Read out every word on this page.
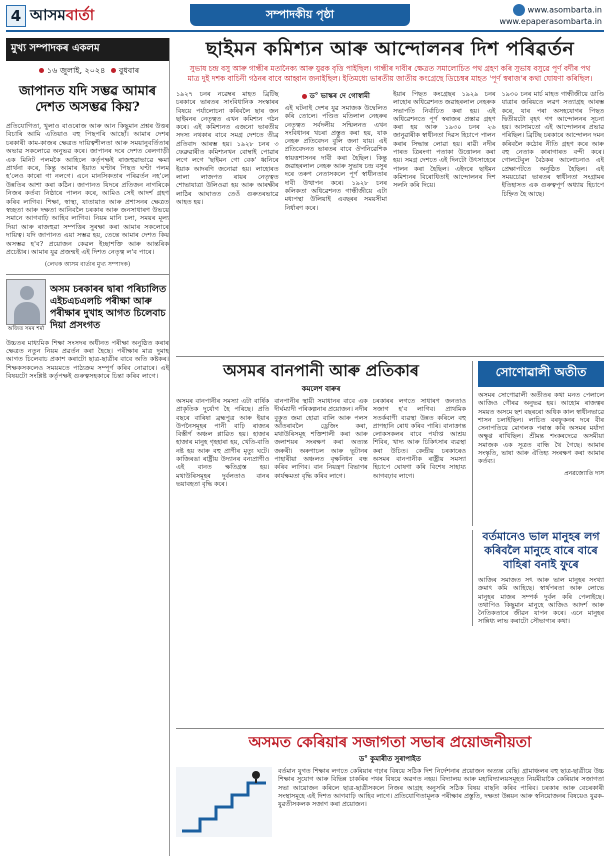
4 আসমবাৰ্তা	সম্পাদকীয় পৃষ্ঠা	www.asombarta.in
www.epaperasombarta.in
মুখ্য সম্পাদকৰ একলম
১৬ জুলাই, ২০২৪ বুধবাৰ
জাপানত যদি সম্ভৱ আমাৰ দেশত অসম্ভৱ কিয়?
প্ৰতিযোগিতা, খুলাও বাওৰোজ আৰু আন কিছুমান প্ৰশ্নৰ উত্তৰ বিচাৰি আমি এতিয়াও বহু পিছপৰি আছোঁ। আমাৰ দেশৰ চৰকাৰী কাম-কাজৰ ক্ষেত্ৰত দায়িত্বশীলতা আৰু সময়ানুবৰ্তিতাৰ অভাৱ সকলোৱে অনুভৱ কৰে। জাপানৰ দৰে দেশত ৰেলগাড়ী এক মিনিট পলমকৈ আহিলে কৰ্তৃপক্ষই ৰাজহুৱাভাৱে ক্ষমা প্ৰাৰ্থনা কৰে, কিন্তু আমাৰ ইয়াত ঘণ্টাৰ পিছত ঘণ্টা পলম হ'লেও কাৰো গা নলগে। এনে মানসিকতাৰ পৰিৱৰ্তন নহ'লে উন্নতিৰ আশা কৰা কঠিন। জাপানত যিদৰে প্ৰতিজন নাগৰিকে নিজৰ কৰ্তব্য নিষ্ঠাৰে পালন কৰে, আমিও সেই আদৰ্শ গ্ৰহণ কৰিব লাগিব। শিক্ষা, স্বাস্থ্য, যাতায়াত আৰু প্ৰশাসনৰ ক্ষেত্ৰত স্বচ্ছতা আৰু দক্ষতা আনিবলৈ চৰকাৰ আৰু জনসাধাৰণ উভয়ে সমানে আগবাঢ়ি আহিব লাগিব। নিয়ম মানি চলা, সময়ৰ মূল্য দিয়া আৰু ৰাজহুৱা সম্পত্তিৰ সুৰক্ষা কৰা আমাৰ সকলোৰে দায়িত্ব। যদি জাপানত এয়া সম্ভৱ হয়, তেন্তে আমাৰ দেশত কিয় অসম্ভৱ হ'ব? প্ৰয়োজন কেৱল ইচ্ছাশক্তি আৰু আন্তৰিক প্ৰচেষ্টাৰ। আমাৰ যুৱ প্ৰজন্মই এই দিশত নেতৃত্ব ল'ব পাৰে।
(লেখক আসম বাৰ্তাৰ মুখ্য সম্পাদক)
অজিত সমৰ শৰ্মা
অসম চৰকাৰৰ দ্বাৰা পৰিচালিত এইচএচএলচি পৰীক্ষা আৰু পৰীক্ষাৰ দুখাহ আগত চিলেবাচ দিয়া প্ৰসংগত
উচ্চতৰ মাধ্যমিক শিক্ষা সংসদৰ অধীনত পৰীক্ষা অনুষ্ঠিত কৰাৰ ক্ষেত্ৰত নতুন নিয়ম প্ৰৱৰ্তন কৰা হৈছে। পৰীক্ষাৰ মাত্ৰ দুমাহ আগত চিলেবাচ প্ৰকাশ কৰাটো ছাত্ৰ-ছাত্ৰীৰ বাবে অতি কষ্টকৰ। শিক্ষকসকলেও সময়মতে পাঠ্যক্ৰম সম্পূৰ্ণ কৰিব নোৱাৰে। এই বিষয়টো সংশ্লিষ্ট কৰ্তৃপক্ষই গুৰুত্বসহকাৰে চিন্তা কৰিব লাগে।
ছাইমন কমিশ্যন আৰু আন্দোলনৰ দিশ পৰিৱৰ্তন
সুভাষ চন্দ্ৰ বসু আৰু গান্ধীৰ মতানৈক্য আৰু যুৱক বৃত্তি পাইছিল। গান্ধীৰ দাবীৰ ক্ষেত্ৰত সমালোচিত পথ গ্ৰহণ কৰি সুভাষ বসুৱে পূৰ্ণ বৰ্দীৰ পথ মাত্ৰ দুই দশক বাচিনী গঠনৰ বাবে আহ্বান জনাইছিল। ইতিমধ্যে ভাৰতীয় জাতীয় কংগ্ৰেছে ডিচেম্বৰ মাহত 'পূৰ্ণ স্বৰাজ'ৰ কথা ঘোষণা কৰিছিল।
১৯২৭ চনৰ নৱেম্বৰ মাহত ব্ৰিটিছ চৰকাৰে ভাৰতৰ সাংবিধানিক সংস্কাৰৰ বিষয়ে পৰ্যালোচনা কৰিবলৈ ছাৰ জন ছাইমনৰ নেতৃত্বত এখন কমিশ্যন গঠন কৰে। এই কমিশ্যনত এজনো ভাৰতীয় সদস্য নথকাৰ বাবে সমগ্ৰ দেশতে তীব্ৰ প্ৰতিবাদ আৰম্ভ হয়। ১৯২৮ চনৰ ৩ ফেব্ৰুৱাৰীত কমিশ্যনখন বোম্বাই পোৱাৰ লগে লগে 'ছাইমন গো বেক' ধ্বনিৰে ইয়াক আদৰণি জনোৱা হয়। লাহোৰত লালা লাজপত ৰায়ৰ নেতৃত্বত শোভাযাত্ৰা উলিওৱা হয় আৰু আৰক্ষীৰ লাঠিৰ আঘাতত তেওঁ গুৰুতৰভাৱে আহত হয়।
ড° ভাস্কৰ দে গোস্বামী
এই ঘটনাই দেশৰ যুৱ সমাজক উদ্বেলিত কৰি তোলে। পণ্ডিত মতিলাল নেহৰুৰ নেতৃত্বত সৰ্বদলীয় সন্মিলনত এখন সংবিধানৰ খচৰা প্ৰস্তুত কৰা হয়, যাক নেহৰু প্ৰতিবেদন বুলি জনা যায়। এই প্ৰতিবেদনত ভাৰতৰ বাবে ঔপনিৱেশিক স্বায়ত্তশাসনৰ দাবী কৰা হৈছিল। কিন্তু জৱাহৰলাল নেহৰু আৰু সুভাষ চন্দ্ৰ বসুৰ দৰে তৰুণ নেতাসকলে পূৰ্ণ স্বাধীনতাৰ দাবী উত্থাপন কৰে। ১৯২৮ চনৰ কলিকতা অধিৱেশনত গান্ধীজীয়ে এটা মধ্যপন্থা উলিয়াই এবছৰৰ সময়সীমা নিৰ্ধাৰণ কৰে।
ইয়াৰ পিছত কংগ্ৰেছৰ ১৯২৯ চনৰ লাহোৰ অধিৱেশনত জৱাহৰলাল নেহৰুক সভাপতি নিৰ্বাচিত কৰা হয়। এই অধিৱেশনতে পূৰ্ণ স্বৰাজৰ প্ৰস্তাৱ গ্ৰহণ কৰা হয় আৰু ১৯৩০ চনৰ ২৬ জানুৱাৰীক স্বাধীনতা দিৱস হিচাপে পালন কৰাৰ সিদ্ধান্ত লোৱা হয়। ৰাৱী নদীৰ পাৰত ত্ৰিৰংগা পতাকা উত্তোলন কৰা হয়। সমগ্ৰ দেশতে এই দিনটো উৎসাহেৰে পালন কৰা হৈছিল। এইদৰে ছাইমন কমিশ্যনৰ বিৰোধিতাই আন্দোলনৰ দিশ সলনি কৰি দিয়ে।
১৯৩০ চনৰ মাৰ্চ মাহত গান্ধীজীয়ে ডাণ্ডি যাত্ৰাৰ জৰিয়তে লৱণ সত্যাগ্ৰহ আৰম্ভ কৰে, যাৰ পৰা অসহযোগৰ পিছত দ্বিতীয়টো বৃহৎ গণ আন্দোলনৰ সূচনা হয়। আসামতো এই আন্দোলনৰ প্ৰভাৱ পৰিছিল। ব্ৰিটিছ চৰকাৰে আন্দোলন দমন কৰিবলৈ কঠোৰ নীতি গ্ৰহণ কৰে আৰু বহু নেতাক কাৰাগাৰত বন্দী কৰে। গোলটেবুল বৈঠকৰ আলোচনাও এই প্ৰেক্ষাপটতে অনুষ্ঠিত হৈছিল। এই সময়চোৱা ভাৰতৰ স্বাধীনতা সংগ্ৰামৰ ইতিহাসত এক গুৰুত্বপূৰ্ণ অধ্যায় হিচাপে চিহ্নিত হৈ আছে।
অসমৰ বানপানী আৰু প্ৰতিকাৰ
কমলেশ বাৰুৰ
অসমৰ বানপানীৰ সমস্যা এটা বাৰ্ষিক প্ৰাকৃতিক দুৰ্যোগ হৈ পৰিছে। প্ৰতি বছৰে বাৰিষা ব্ৰহ্মপুত্ৰ আৰু ইয়াৰ উপনৈসমূহৰ পানী বাঢ়ি ৰাজ্যৰ বিস্তীৰ্ণ অঞ্চল প্লাৱিত হয়। হাজাৰ হাজাৰ মানুহ গৃহহাৰা হয়, খেতি-বাতি নষ্ট হয় আৰু বহু প্ৰাণীৰ মৃত্যু ঘটে। কাজিৰঙা ৰাষ্ট্ৰীয় উদ্যানৰ বন্যপ্ৰাণীও এই বানত ক্ষতিগ্ৰস্ত হয়। মথাউৰিসমূহৰ দুৰ্বলতাও বানৰ ভয়াবহতা বৃদ্ধি কৰে।
বানপানীৰ স্থায়ী সমাধানৰ বাবে এক দীৰ্ঘম্যাদী পৰিকল্পনাৰ প্ৰয়োজন। নদীৰ বুকুত জমা হোৱা বালি আৰু পলস আঁতৰাবলৈ ড্ৰেজিং কৰা, মথাউৰিসমূহ শক্তিশালী কৰা আৰু জলাশয়ৰ সংৰক্ষণ কৰা অত্যন্ত জৰুৰী। অৰুণাচল আৰু ভূটানৰ পাহাৰীয়া অঞ্চলত বৃক্ষনিধন বন্ধ কৰিব লাগিব। বান নিয়ন্ত্ৰণ বিভাগৰ কাৰ্যক্ষমতা বৃদ্ধি কৰিব লাগে।
চৰকাৰৰ লগতে সাধাৰণ জনতাও সজাগ হ'ব লাগিব। প্ৰাথমিক সতৰ্কবাণী ব্যৱস্থা উন্নত কৰিলে বহু প্ৰাণহানি ৰোধ কৰিব পাৰি। বানাক্ৰান্ত লোকসকলৰ বাবে পৰ্যাপ্ত আশ্ৰয় শিবিৰ, খাদ্য আৰু চিকিৎসাৰ ব্যৱস্থা কৰা উচিত। কেন্দ্ৰীয় চৰকাৰেও অসমৰ বানপানীক ৰাষ্ট্ৰীয় সমস্যা হিচাপে ঘোষণা কৰি বিশেষ সাহায্য আগবঢ়াব লাগে।
সোণোৱালী অতীত
অসমৰ সোণোৱালী অতীতৰ কথা মনত পেলালে আজিও গৌৰৱ অনুভৱ হয়। আহোম ৰাজত্বৰ সময়ত অসমে ছশ বছৰৰো অধিক কাল স্বাধীনভাৱে শাসন চলাইছিল। লাচিত বৰফুকনৰ দৰে বীৰ সেনাপতিয়ে মোগলক পৰাস্ত কৰি অসমৰ মৰ্যাদা অক্ষুণ্ণ ৰাখিছিল। শ্ৰীমন্ত শংকৰদেৱে অসমীয়া সমাজক এক সূত্ৰত বান্ধি থৈ গৈছে। আমাৰ সংস্কৃতি, ভাষা আৰু ঐতিহ্য সংৰক্ষণ কৰা আমাৰ কৰ্তব্য।
প্ৰনৱজ্যোতি দাস
বৰ্তমানেও ভাল মানুহৰ লগ কৰিবলৈ মানুহে বাৰে বাৰে বাহিৰা বনাই ফুৰে
আজিৰ সমাজত সৎ আৰু ভাল মানুহৰ সংখ্যা ক্ৰমাৎ কমি আহিছে। স্বাৰ্থপৰতা আৰু লোভে মানুহৰ মাজৰ সম্পৰ্ক দুৰ্বল কৰি পেলাইছে। তথাপিও কিছুমান মানুহে আজিও আদৰ্শ আৰু নৈতিকতাৰে জীৱন যাপন কৰে। এনে মানুহৰ সান্নিধ্য লাভ কৰাটো সৌভাগ্যৰ কথা।
অসমত কেৰিয়াৰ সজাগতা সভাৰ প্ৰয়োজনীয়তা
ড° কুমাৰীত সুৰাপাইত
বৰ্তমান যুগত শিক্ষাৰ লগতে কেৰিয়াৰ গঢ়াৰ বিষয়ে সঠিক দিশ নিৰ্দেশনাৰ প্ৰয়োজন অত্যন্ত বেছি। গ্ৰামাঞ্চলৰ বহু ছাত্ৰ-ছাত্ৰীয়ে উচ্চ শিক্ষাৰ সুযোগ আৰু বিভিন্ন চাকৰিৰ পথৰ বিষয়ে অৱগত নহয়। বিদ্যালয় আৰু মহাবিদ্যালয়সমূহত নিয়মীয়াকৈ কেৰিয়াৰ সজাগতা সভা আয়োজন কৰিলে ছাত্ৰ-ছাত্ৰীসকলে নিজৰ আগ্ৰহ অনুসৰি সঠিক বিষয় বাছনি কৰিব পাৰিব। চৰকাৰ আৰু বেচৰকাৰী সংস্থাসমূহে এই দিশত আগবাঢ়ি আহিব লাগে। প্ৰতিযোগিতামূলক পৰীক্ষাৰ প্ৰস্তুতি, দক্ষতা উন্নয়ন আৰু স্বনিয়োজনৰ বিষয়েও যুৱক-যুৱতীসকলক সজাগ কৰা প্ৰয়োজন।
